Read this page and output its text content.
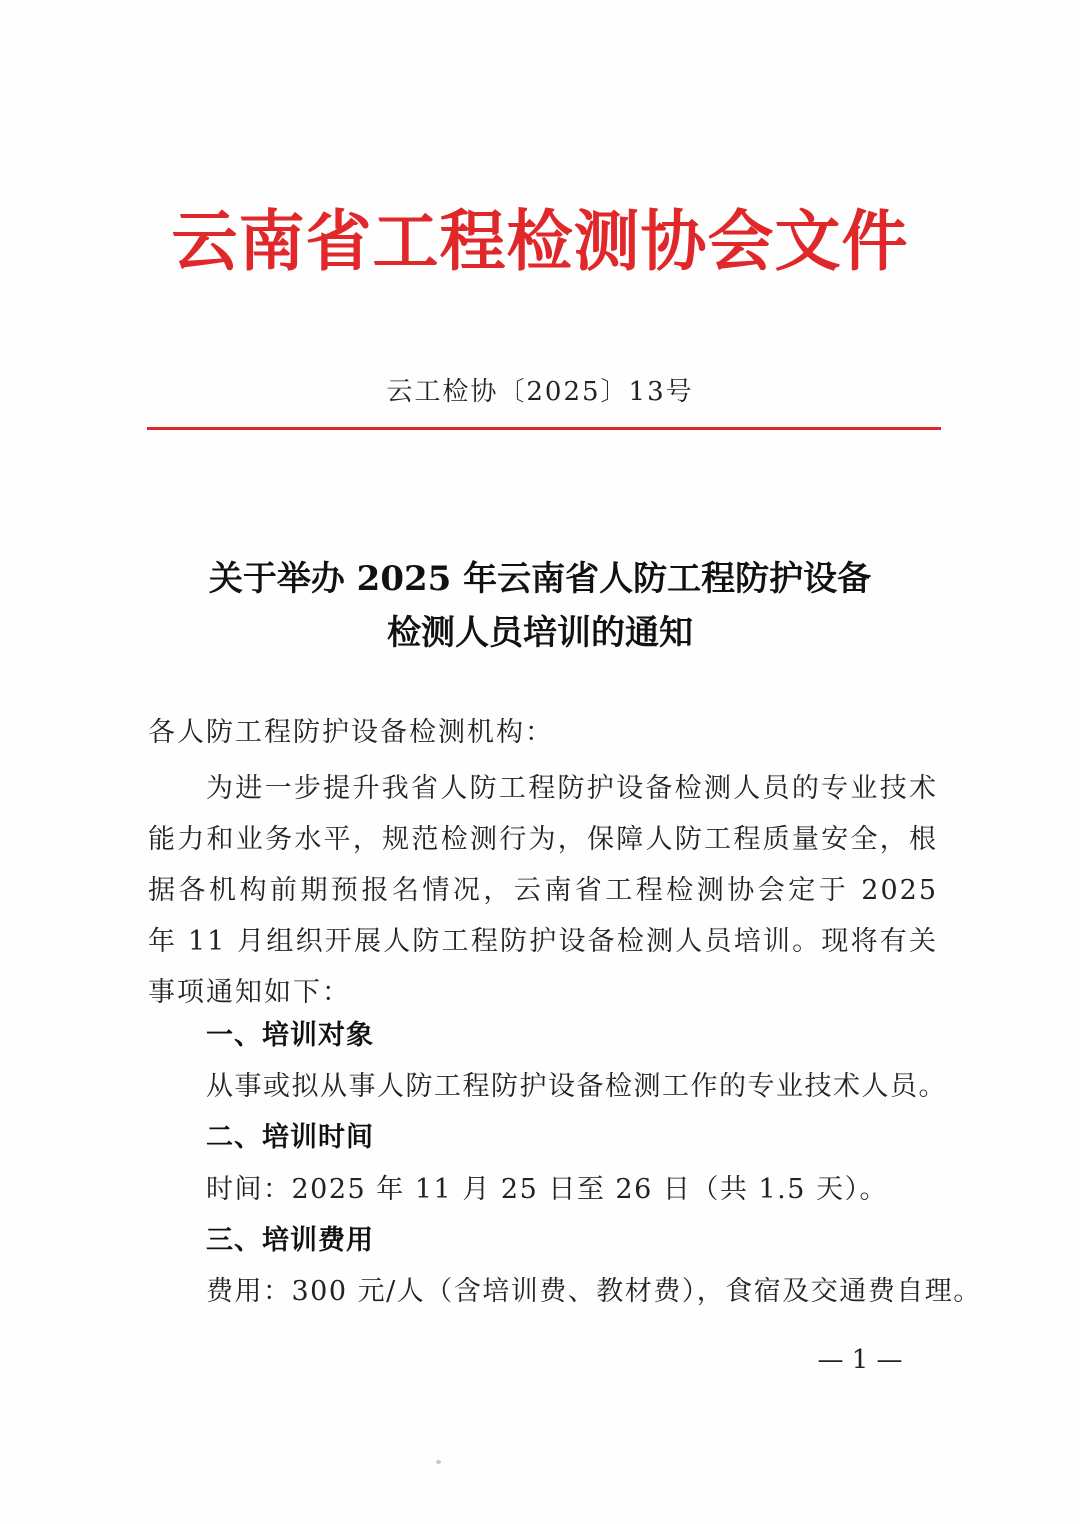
云南省工程检测协会文件
云工检协〔2025〕13号
关于举办 2025 年云南省人防工程防护设备
检测人员培训的通知
各人防工程防护设备检测机构：
为进一步提升我省人防工程防护设备检测人员的专业技术能力和业务水平，规范检测行为，保障人防工程质量安全，根据各机构前期预报名情况，云南省工程检测协会定于 2025 年 11 月组织开展人防工程防护设备检测人员培训。现将有关事项通知如下：
一、培训对象
从事或拟从事人防工程防护设备检测工作的专业技术人员。
二、培训时间
时间：2025 年 11 月 25 日至 26 日（共 1.5 天）。
三、培训费用
费用：300 元/人（含培训费、教材费），食宿及交通费自理。
— 1 —
